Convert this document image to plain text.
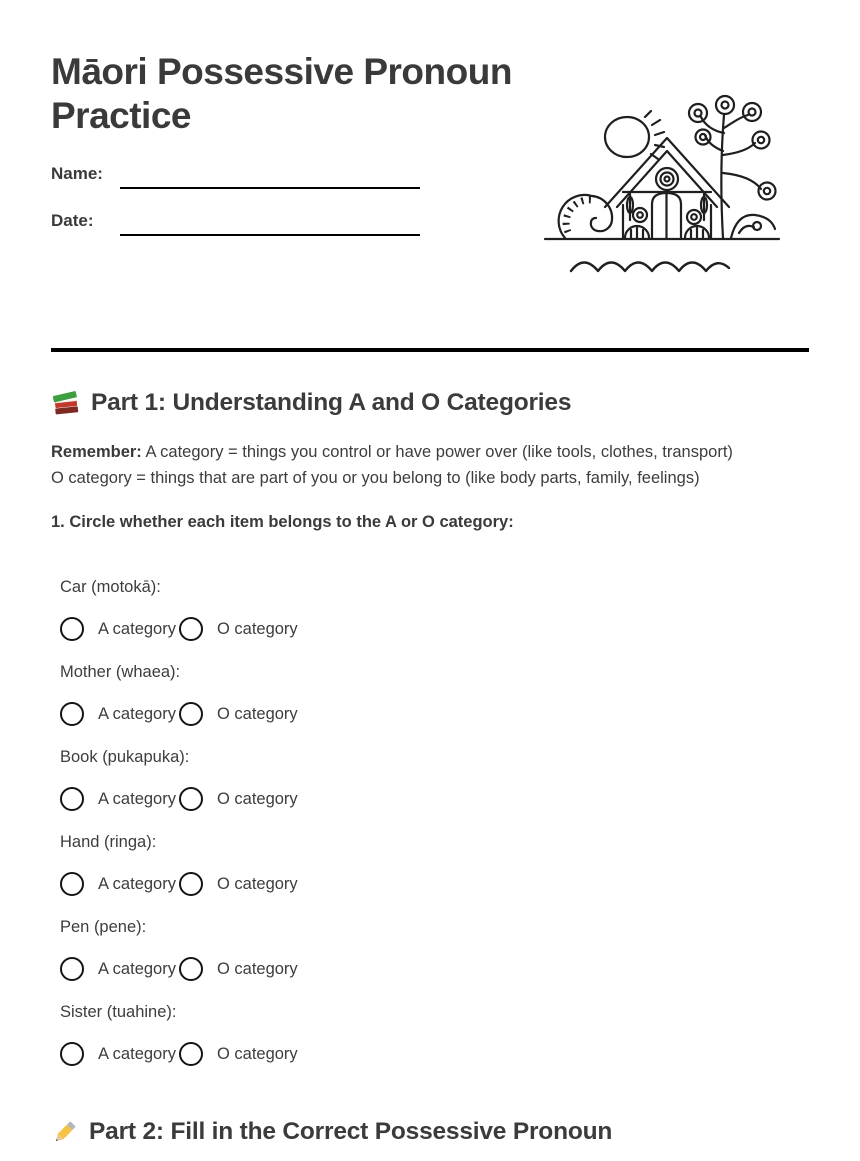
Māori Possessive Pronoun Practice
Name:
Date:
Part 1: Understanding A and O Categories
Remember: A category = things you control or have power over (like tools, clothes, transport)
O category = things that are part of you or you belong to (like body parts, family, feelings)
1. Circle whether each item belongs to the A or O category:
Car (motokā):
A category O category
Mother (whaea):
A category O category
Book (pukapuka):
A category O category
Hand (ringa):
A category O category
Pen (pene):
A category O category
Sister (tuahine):
A category O category
Part 2: Fill in the Correct Possessive Pronoun
